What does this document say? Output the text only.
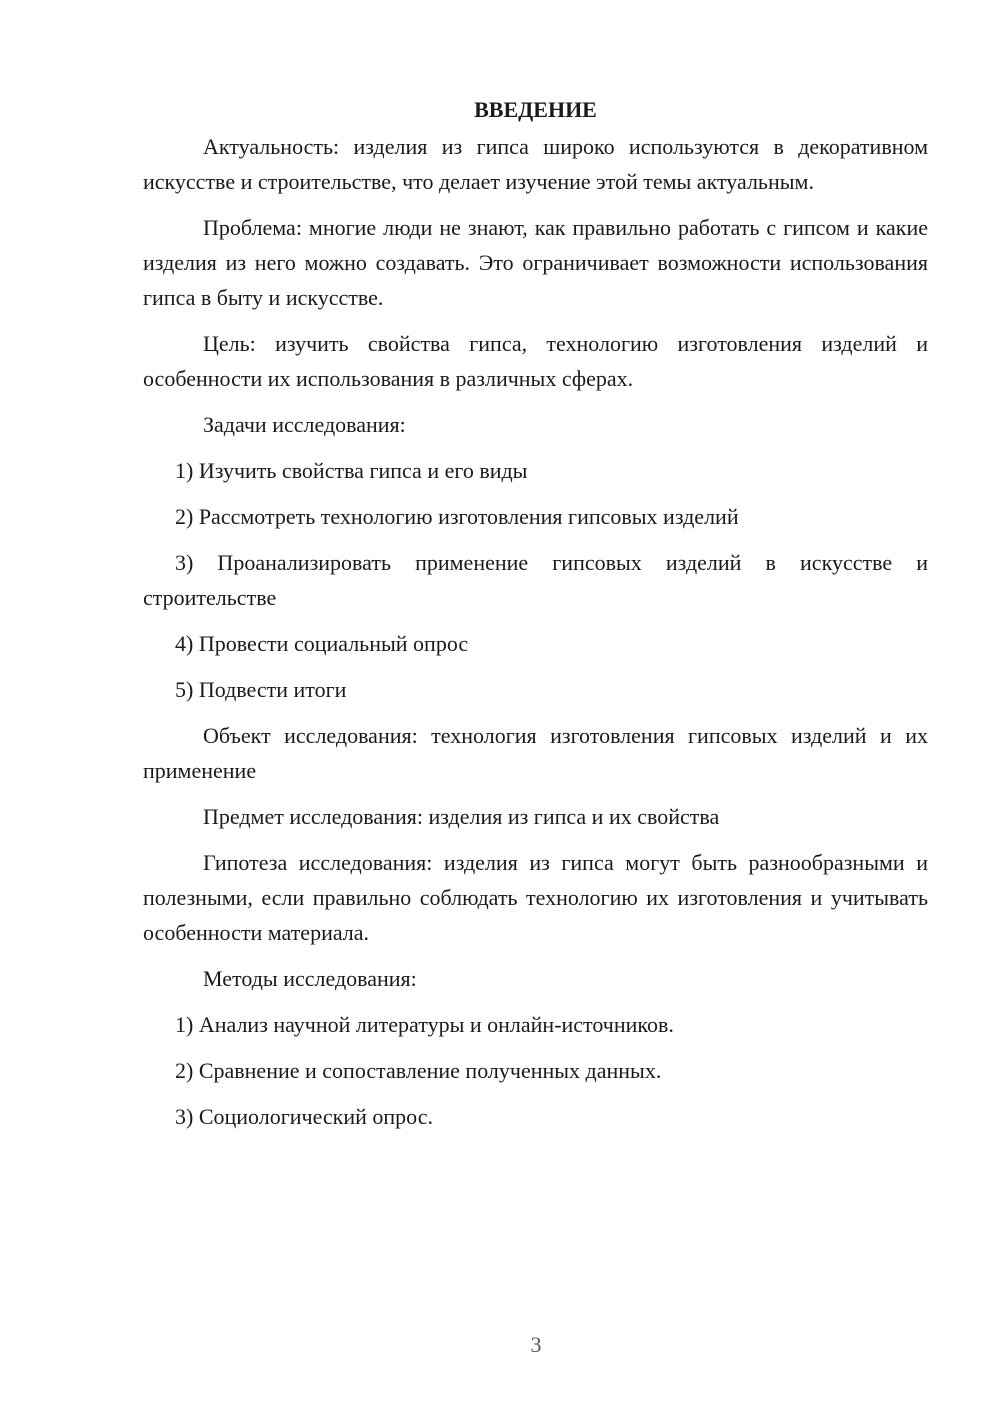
ВВЕДЕНИЕ

Актуальность: изделия из гипса широко используются в декоративном искусстве и строительстве, что делает изучение этой темы актуальным.

Проблема: многие люди не знают, как правильно работать с гипсом и какие изделия из него можно создавать. Это ограничивает возможности использования гипса в быту и искусстве.

Цель: изучить свойства гипса, технологию изготовления изделий и особенности их использования в различных сферах.

Задачи исследования:

1) Изучить свойства гипса и его виды

2) Рассмотреть технологию изготовления гипсовых изделий

3) Проанализировать применение гипсовых изделий в искусстве и строительстве

4) Провести социальный опрос

5) Подвести итоги

Объект исследования: технология изготовления гипсовых изделий и их применение

Предмет исследования: изделия из гипса и их свойства

Гипотеза исследования: изделия из гипса могут быть разнообразными и полезными, если правильно соблюдать технологию их изготовления и учитывать особенности материала.

Методы исследования:

1) Анализ научной литературы и онлайн-источников.

2) Сравнение и сопоставление полученных данных.

3) Социологический опрос.

3
